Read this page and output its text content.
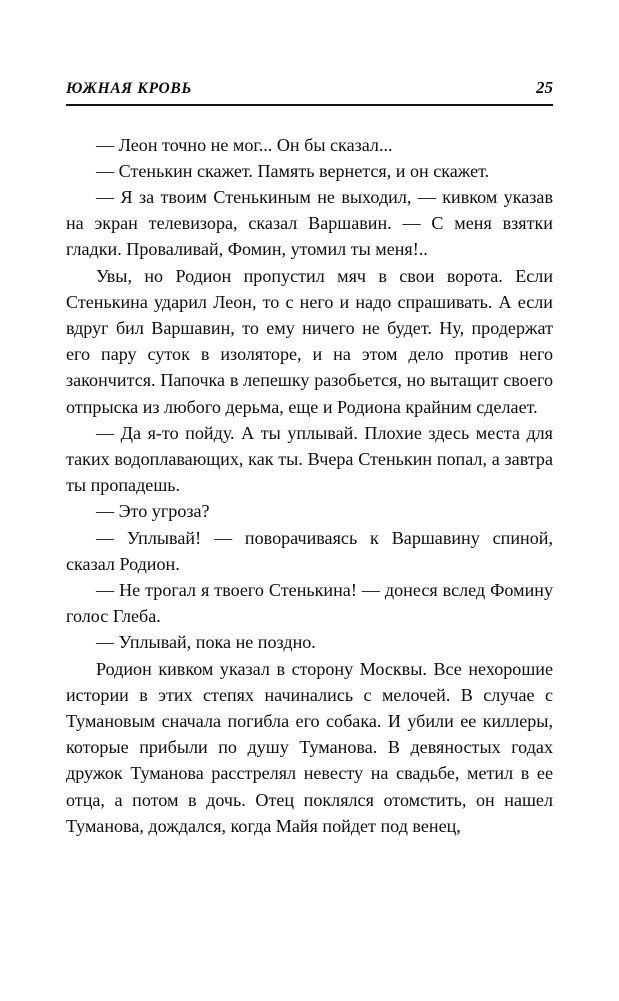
ЮЖНАЯ КРОВЬ	25

— Леон точно не мог... Он бы сказал...

— Стенькин скажет. Память вернется, и он скажет.

— Я за твоим Стенькиным не выходил, — кивком указав на экран телевизора, сказал Варшавин. — С меня взятки гладки. Проваливай, Фомин, утомил ты меня!..

Увы, но Родион пропустил мяч в свои ворота. Если Стенькина ударил Леон, то с него и надо спрашивать. А если вдруг бил Варшавин, то ему ничего не будет. Ну, продержат его пару суток в изоляторе, и на этом дело против него закончится. Папочка в лепешку разобьется, но вытащит своего отпрыска из любого дерьма, еще и Родиона крайним сделает.

— Да я-то пойду. А ты уплывай. Плохие здесь места для таких водоплавающих, как ты. Вчера Стенькин попал, а завтра ты пропадешь.

— Это угроза?

— Уплывай! — поворачиваясь к Варшавину спиной, сказал Родион.

— Не трогал я твоего Стенькина! — донеся вслед Фомину голос Глеба.

— Уплывай, пока не поздно.

Родион кивком указал в сторону Москвы. Все нехорошие истории в этих степях начинались с мелочей. В случае с Тумановым сначала погибла его собака. И убили ее киллеры, которые прибыли по душу Туманова. В девяностых годах дружок Туманова расстрелял невесту на свадьбе, метил в ее отца, а потом в дочь. Отец поклялся отомстить, он нашел Туманова, дождался, когда Майя пойдет под венец,
